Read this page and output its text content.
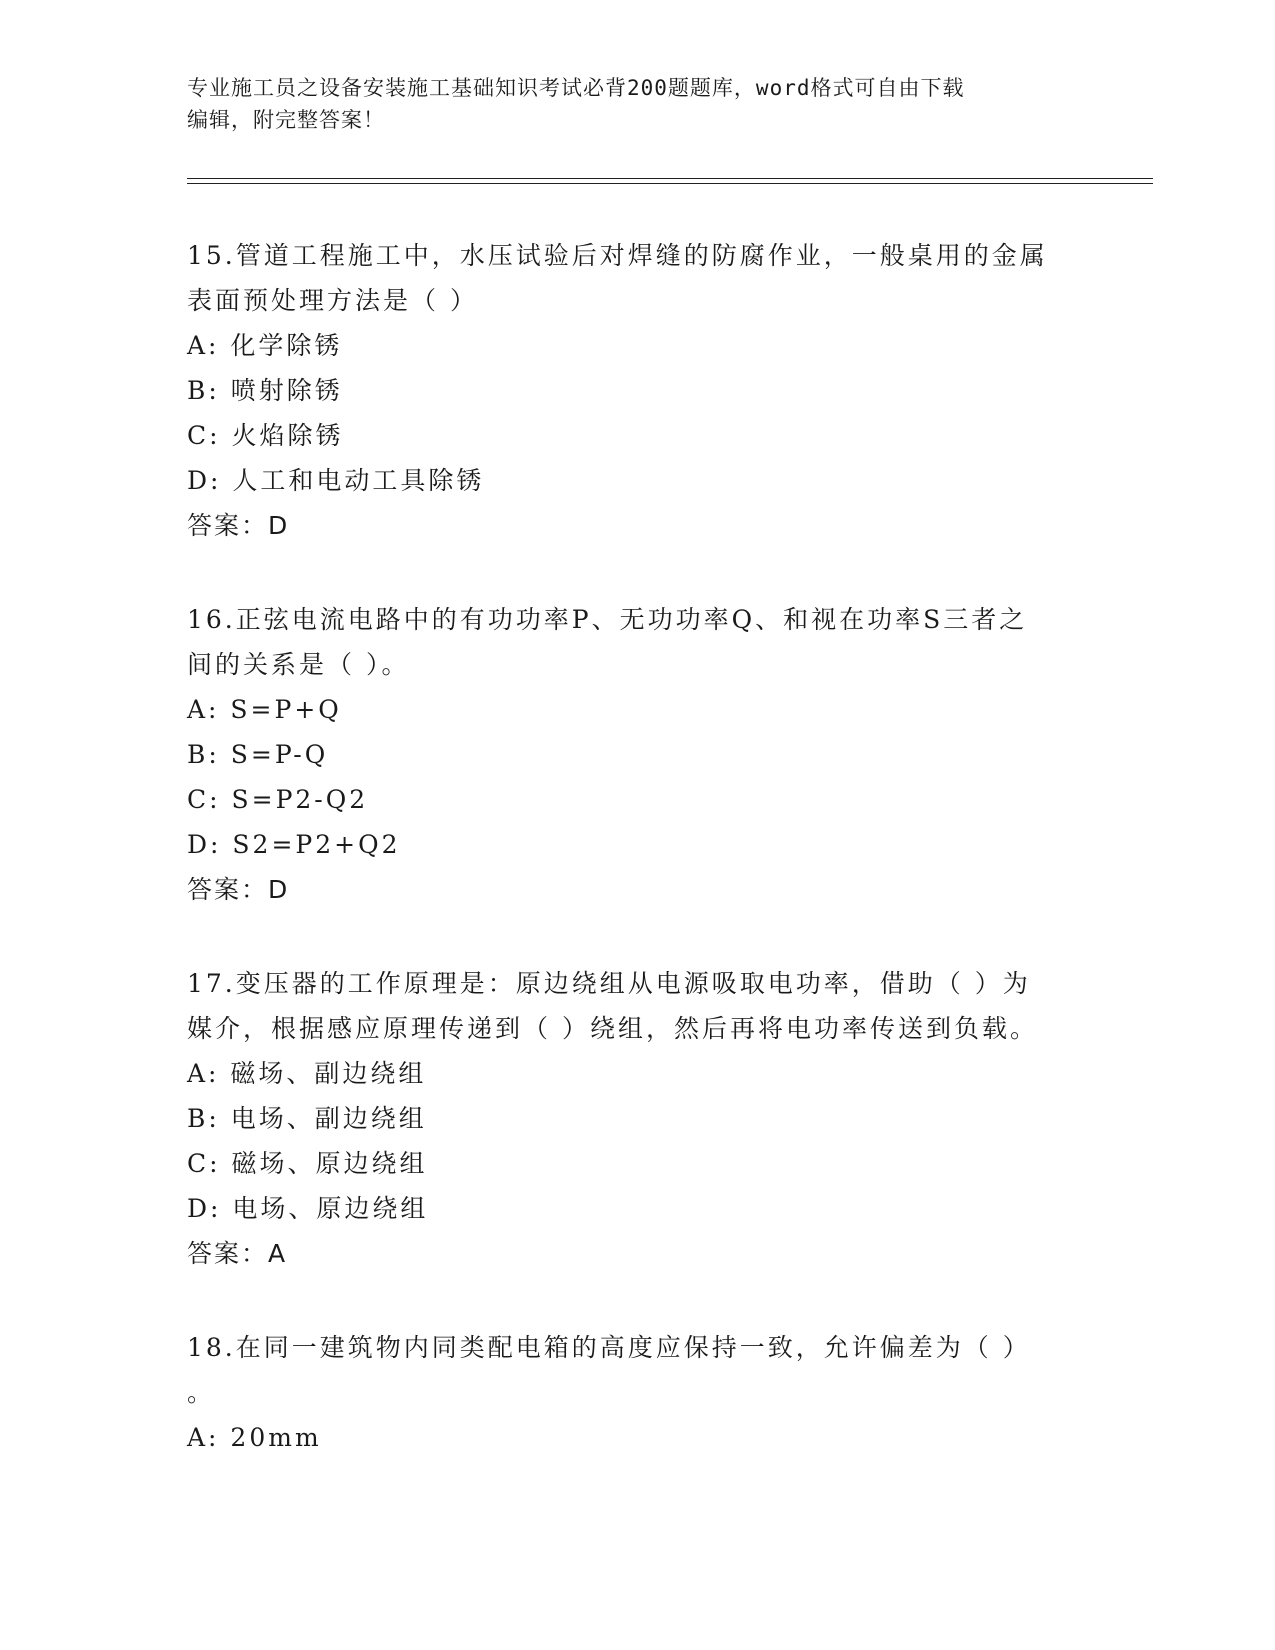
专业施工员之设备安装施工基础知识考试必背200题题库，word格式可自由下载
编辑，附完整答案！

15.管道工程施工中，水压试验后对焊缝的防腐作业，一般桌用的金属

表面预处理方法是（ ）

A: 化学除锈

B: 喷射除锈

C: 火焰除锈

D: 人工和电动工具除锈

答案：D

16.正弦电流电路中的有功功率P、无功功率Q、和视在功率S三者之

间的关系是（ ）。

A: S=P+Q

B: S=P-Q

C: S=P2-Q2

D: S2=P2+Q2

答案：D

17.变压器的工作原理是：原边绕组从电源吸取电功率，借助（ ）为

媒介，根据感应原理传递到（ ）绕组，然后再将电功率传送到负载。

A: 磁场、副边绕组

B: 电场、副边绕组

C: 磁场、原边绕组

D: 电场、原边绕组

答案：A

18.在同一建筑物内同类配电箱的高度应保持一致，允许偏差为（ ）

。

A: 20mm
